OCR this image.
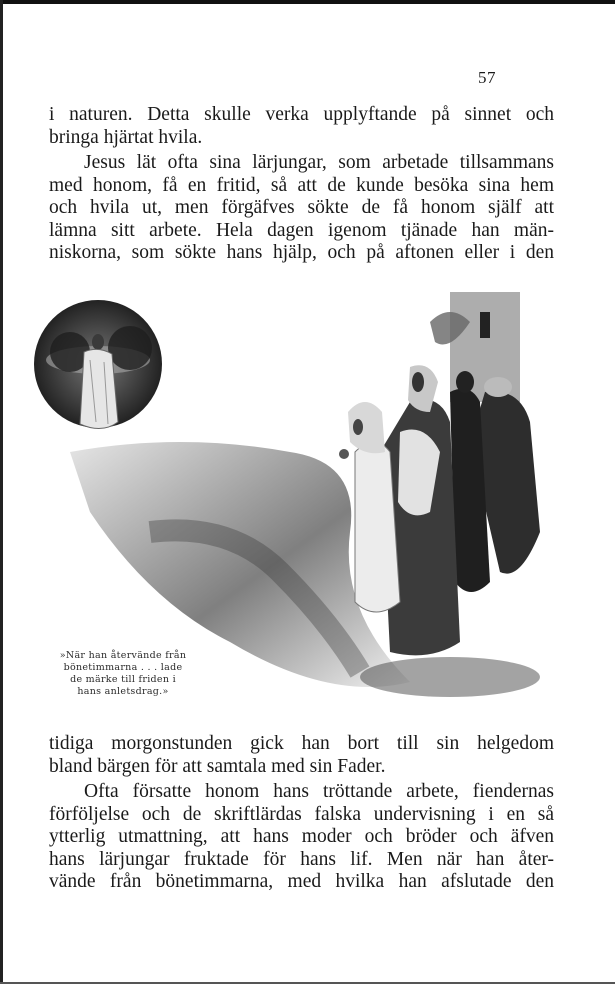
57
i naturen. Detta skulle verka upplyftande på sinnet och
bringa hjärtat hvila.
Jesus lät ofta sina lärjungar, som arbetade tillsammans
med honom, få en fritid, så att de kunde besöka sina hem
och hvila ut, men förgäfves sökte de få honom själf att
lämna sitt arbete. Hela dagen igenom tjänade han män-
niskorna, som sökte hans hjälp, och på aftonen eller i den
»När han återvände från
bönetimmarna . . . lade
de märke till friden i
hans anletsdrag.»
tidiga morgonstunden gick han bort till sin helgedom
bland bärgen för att samtala med sin Fader.
Ofta försatte honom hans tröttande arbete, fiendernas
förföljelse och de skriftlärdas falska undervisning i en så
ytterlig utmattning, att hans moder och bröder och äfven
hans lärjungar fruktade för hans lif. Men när han åter-
vände från bönetimmarna, med hvilka han afslutade den
